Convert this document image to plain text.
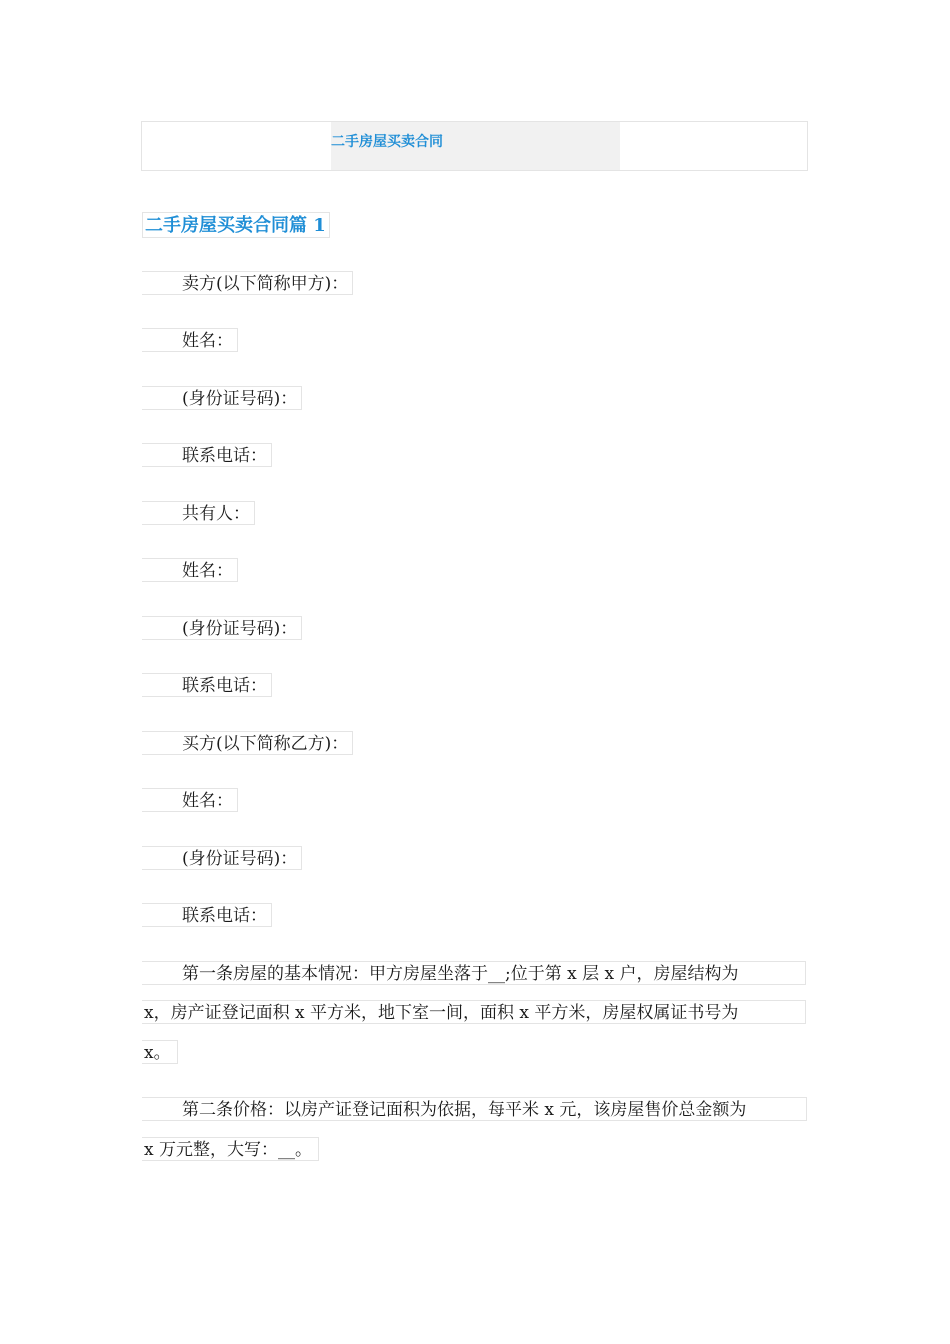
二手房屋买卖合同
二手房屋买卖合同篇 1
卖方(以下简称甲方)：
姓名：
(身份证号码)：
联系电话：
共有人：
姓名：
(身份证号码)：
联系电话：
买方(以下简称乙方)：
姓名：
(身份证号码)：
联系电话：
第一条房屋的基本情况：甲方房屋坐落于__;位于第 x 层 x 户，房屋结构为
x，房产证登记面积 x 平方米，地下室一间，面积 x 平方米，房屋权属证书号为
x。
第二条价格：以房产证登记面积为依据，每平米 x 元，该房屋售价总金额为
x 万元整，大写：__。
